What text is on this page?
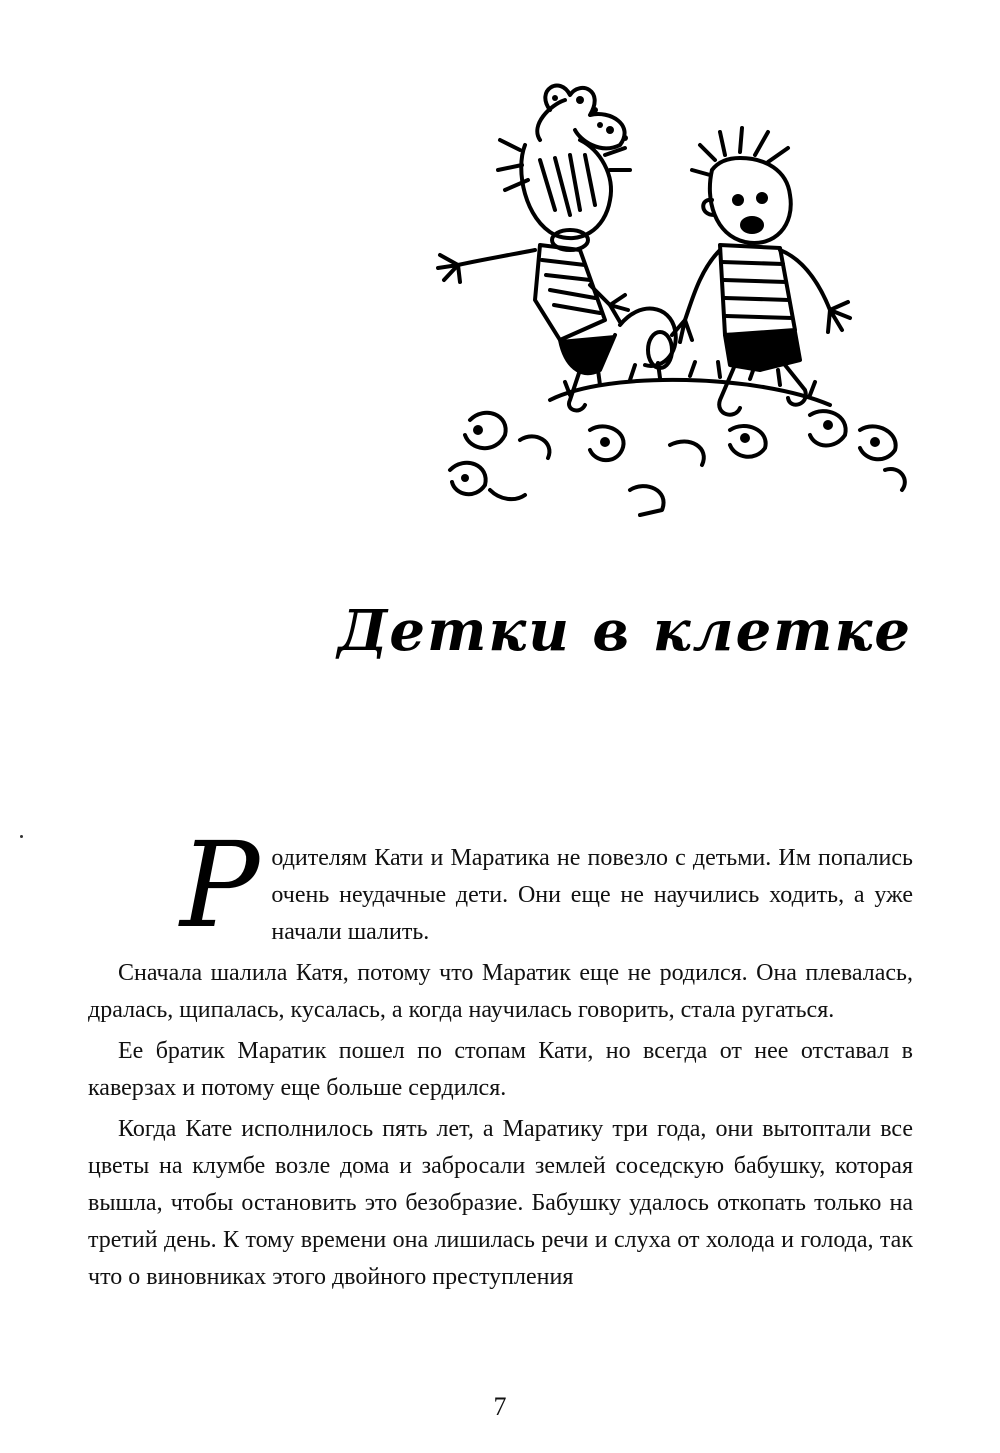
Детки в клетке

Родителям Кати и Маратика не повезло с детьми. Им попались очень неудачные дети. Они еще не научились ходить, а уже начали шалить.

Сначала шалила Катя, потому что Маратик еще не родился. Она плевалась, дралась, щипалась, кусалась, а когда научилась говорить, стала ругаться.

Ее братик Маратик пошел по стопам Кати, но всегда от нее отставал в каверзах и потому еще больше сердился.

Когда Кате исполнилось пять лет, а Маратику три года, они вытоптали все цветы на клумбе возле дома и забросали землей соседскую бабушку, которая вышла, чтобы остановить это безобразие. Бабушку удалось откопать только на третий день. К тому времени она лишилась речи и слуха от холода и голода, так что о виновниках этого двойного преступления

7
